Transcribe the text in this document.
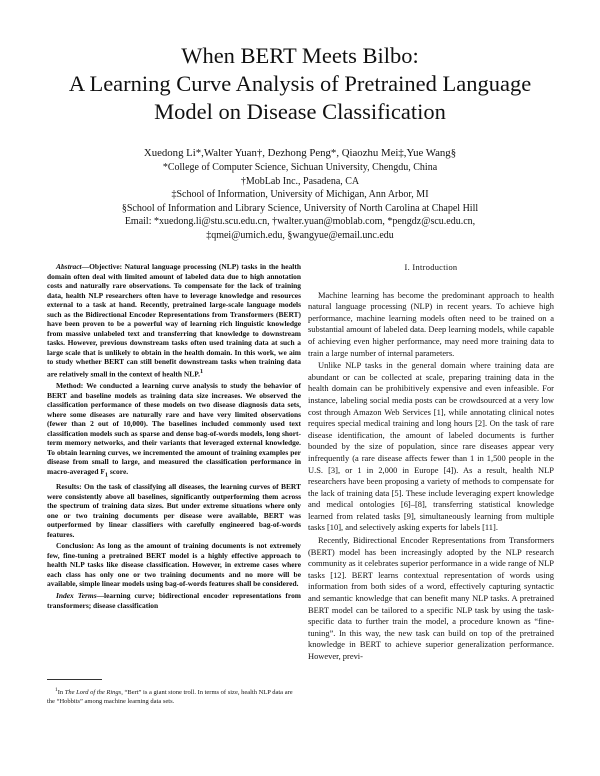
When BERT Meets Bilbo:
A Learning Curve Analysis of Pretrained Language
Model on Disease Classification
Xuedong Li*,Walter Yuan†, Dezhong Peng*, Qiaozhu Mei‡,Yue Wang§
*College of Computer Science, Sichuan University, Chengdu, China
†MobLab Inc., Pasadena, CA
‡School of Information, University of Michigan, Ann Arbor, MI
§School of Information and Library Science, University of North Carolina at Chapel Hill
Email: *xuedong.li@stu.scu.edu.cn, †walter.yuan@moblab.com, *pengdz@scu.edu.cn,
‡qmei@umich.edu, §wangyue@email.unc.edu

Abstract—Objective: Natural language processing (NLP) tasks in the health domain often deal with limited amount of labeled data due to high annotation costs and naturally rare observations. To compensate for the lack of training data, health NLP researchers often have to leverage knowledge and resources external to a task at hand. Recently, pretrained large-scale language models such as the Bidirectional Encoder Representations from Transformers (BERT) have been proven to be a powerful way of learning rich linguistic knowledge from massive unlabeled text and transferring that knowledge to downstream tasks. However, previous downstream tasks often used training data at such a large scale that is unlikely to obtain in the health domain. In this work, we aim to study whether BERT can still benefit downstream tasks when training data are relatively small in the context of health NLP.$^1$

Method: We conducted a learning curve analysis to study the behavior of BERT and baseline models as training data size increases. We observed the classification performance of these models on two disease diagnosis data sets, where some diseases are naturally rare and have very limited observations (fewer than 2 out of 10,000). The baselines included commonly used text classification models such as sparse and dense bag-of-words models, long short-term memory networks, and their variants that leveraged external knowledge. To obtain learning curves, we incremented the amount of training examples per disease from small to large, and measured the classification performance in macro-averaged $F_1$ score.

Results: On the task of classifying all diseases, the learning curves of BERT were consistently above all baselines, significantly outperforming them across the spectrum of training data sizes. But under extreme situations where only one or two training documents per disease were available, BERT was outperformed by linear classifiers with carefully engineered bag-of-words features.

Conclusion: As long as the amount of training documents is not extremely few, fine-tuning a pretrained BERT model is a highly effective approach to health NLP tasks like disease classification. However, in extreme cases where each class has only one or two training documents and no more will be available, simple linear models using bag-of-words features shall be considered.

Index Terms—learning curve; bidirectional encoder representations from transformers; disease classification

$^1$In The Lord of the Rings, “Bert” is a giant stone troll. In terms of size, health NLP data are the “Hobbits” among machine learning data sets.
I. Introduction

Machine learning has become the predominant approach to health natural language processing (NLP) in recent years. To achieve high performance, machine learning models often need to be trained on a substantial amount of labeled data. Deep learning models, while capable of achieving even higher performance, may need more training data to train a large number of internal parameters.

Unlike NLP tasks in the general domain where training data are abundant or can be collected at scale, preparing training data in the health domain can be prohibitively expensive and even infeasible. For instance, labeling social media posts can be crowdsourced at a very low cost through Amazon Web Services [1], while annotating clinical notes requires special medical training and long hours [2]. On the task of rare disease identification, the amount of labeled documents is further bounded by the size of population, since rare diseases appear very infrequently (a rare disease affects fewer than 1 in 1,500 people in the U.S. [3], or 1 in 2,000 in Europe [4]). As a result, health NLP researchers have been proposing a variety of methods to compensate for the lack of training data [5]. These include leveraging expert knowledge and medical ontologies [6]–[8], transferring statistical knowledge learned from related tasks [9], simultaneously learning from multiple tasks [10], and selectively asking experts for labels [11].

Recently, Bidirectional Encoder Representations from Transformers (BERT) model has been increasingly adopted by the NLP research community as it celebrates superior performance in a wide range of NLP tasks [12]. BERT learns contextual representation of words using information from both sides of a word, effectively capturing syntactic and semantic knowledge that can benefit many NLP tasks. A pretrained BERT model can be tailored to a specific NLP task by using the task-specific data to further train the model, a procedure known as “fine-tuning”. In this way, the new task can build on top of the pretrained knowledge in BERT to achieve superior generalization performance. However, previ-
